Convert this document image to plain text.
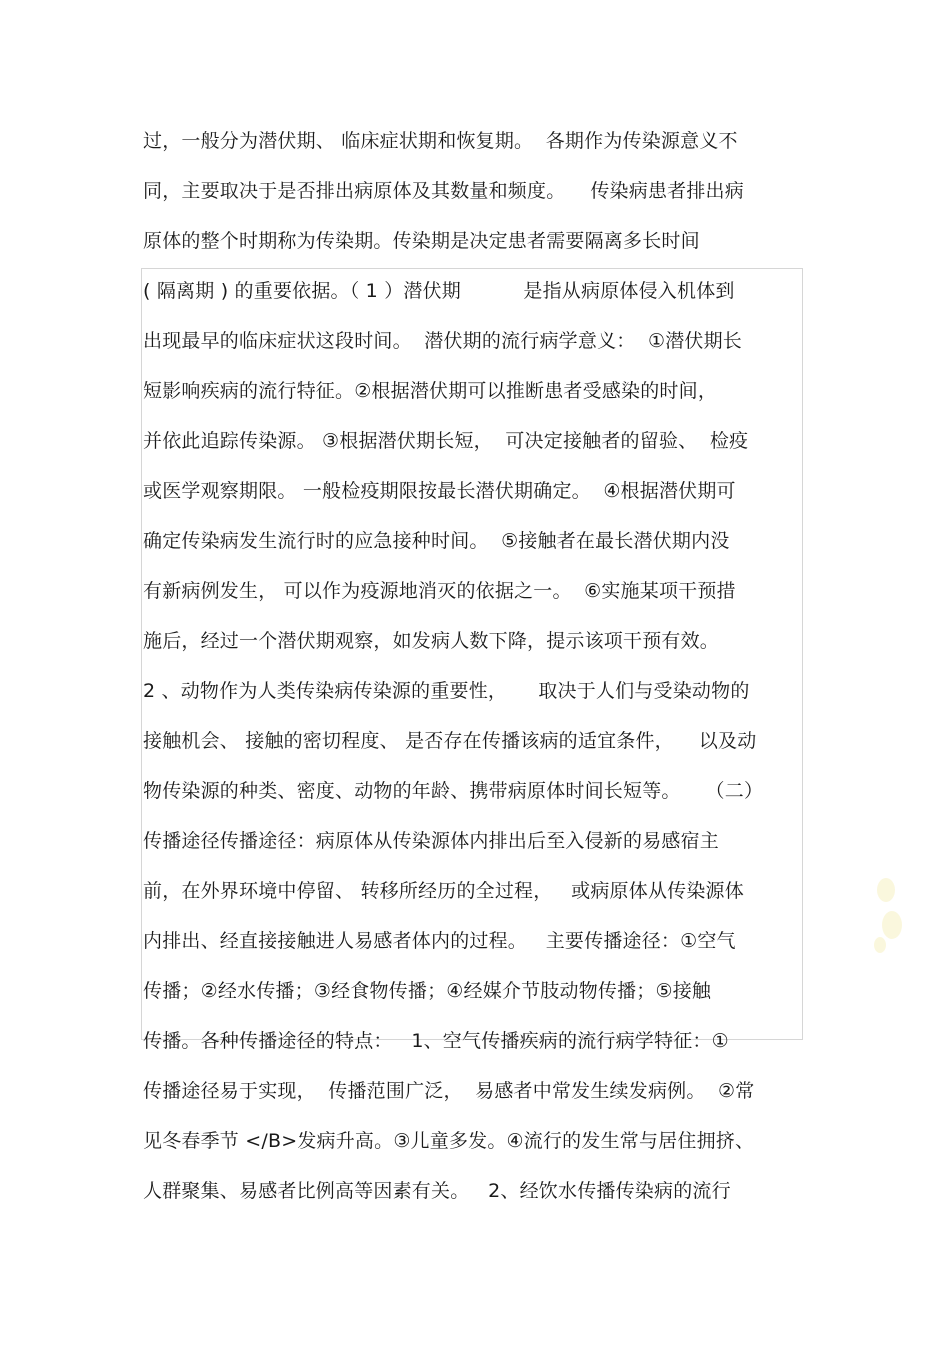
过，一般分为潜伏期、 临床症状期和恢复期。  各期作为传染源意义不
同，主要取决于是否排出病原体及其数量和频度。    传染病患者排出病
原体的整个时期称为传染期。传染期是决定患者需要隔离多长时间
( 隔离期 ) 的重要依据。（ 1 ）潜伏期          是指从病原体侵入机体到
出现最早的临床症状这段时间。  潜伏期的流行病学意义：  ①潜伏期长
短影响疾病的流行特征。②根据潜伏期可以推断患者受感染的时间，
并依此追踪传染源。 ③根据潜伏期长短，  可决定接触者的留验、  检疫
或医学观察期限。 一般检疫期限按最长潜伏期确定。  ④根据潜伏期可
确定传染病发生流行时的应急接种时间。  ⑤接触者在最长潜伏期内没
有新病例发生， 可以作为疫源地消灭的依据之一。  ⑥实施某项干预措
施后，经过一个潜伏期观察，如发病人数下降，提示该项干预有效。
2 、动物作为人类传染病传染源的重要性，     取决于人们与受染动物的
接触机会、 接触的密切程度、 是否存在传播该病的适宜条件，    以及动
物传染源的种类、密度、动物的年龄、携带病原体时间长短等。    （二）
传播途径传播途径：病原体从传染源体内排出后至入侵新的易感宿主
前，在外界环境中停留、 转移所经历的全过程，   或病原体从传染源体
内排出、经直接接触进人易感者体内的过程。   主要传播途径：①空气
传播；②经水传播；③经食物传播；④经媒介节肢动物传播；⑤接触
传播。各种传播途径的特点：   1、空气传播疾病的流行病学特征：①
传播途径易于实现，  传播范围广泛，  易感者中常发生续发病例。  ②常
见冬春季节 </B>发病升高。③儿童多发。④流行的发生常与居住拥挤、
人群聚集、易感者比例高等因素有关。   2、经饮水传播传染病的流行
